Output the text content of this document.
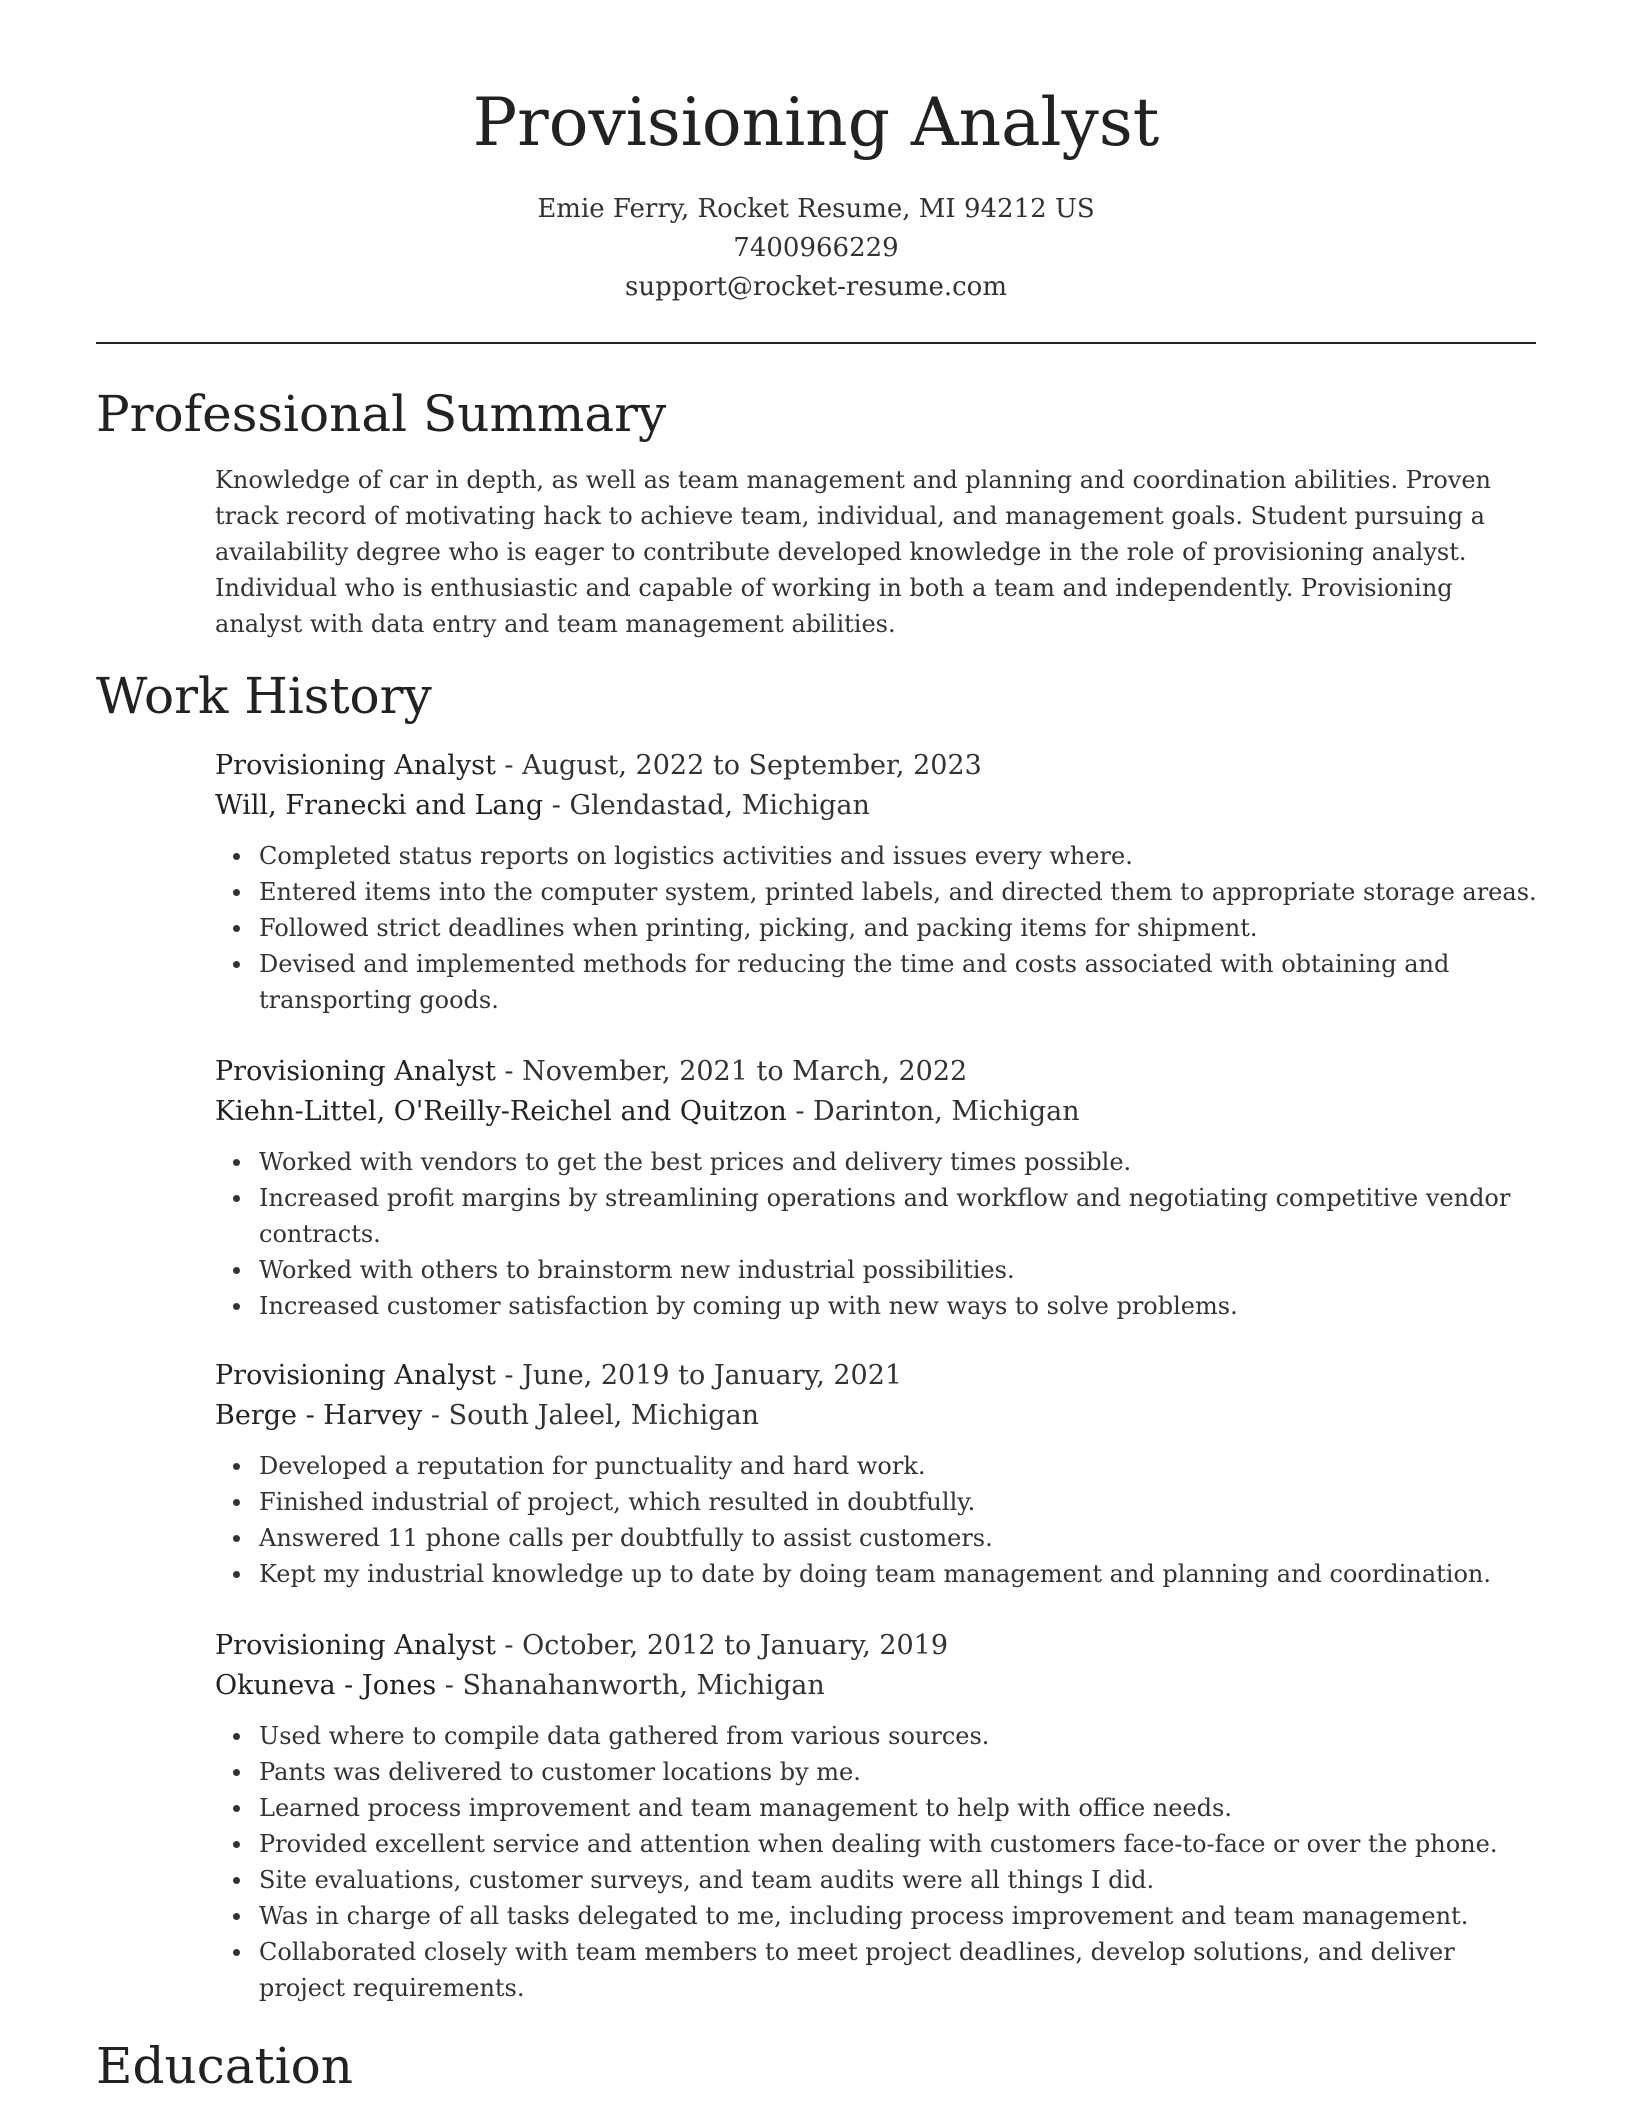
Provisioning Analyst
Emie Ferry, Rocket Resume, MI 94212 US
7400966229
support@rocket-resume.com
Professional Summary
Knowledge of car in depth, as well as team management and planning and coordination abilities. Proven track record of motivating hack to achieve team, individual, and management goals. Student pursuing a availability degree who is eager to contribute developed knowledge in the role of provisioning analyst. Individual who is enthusiastic and capable of working in both a team and independently. Provisioning analyst with data entry and team management abilities.
Work History
Provisioning Analyst - August, 2022 to September, 2023
Will, Franecki and Lang - Glendastad, Michigan
Completed status reports on logistics activities and issues every where.
Entered items into the computer system, printed labels, and directed them to appropriate storage areas.
Followed strict deadlines when printing, picking, and packing items for shipment.
Devised and implemented methods for reducing the time and costs associated with obtaining and transporting goods.
Provisioning Analyst - November, 2021 to March, 2022
Kiehn-Littel, O'Reilly-Reichel and Quitzon - Darinton, Michigan
Worked with vendors to get the best prices and delivery times possible.
Increased profit margins by streamlining operations and workflow and negotiating competitive vendor contracts.
Worked with others to brainstorm new industrial possibilities.
Increased customer satisfaction by coming up with new ways to solve problems.
Provisioning Analyst - June, 2019 to January, 2021
Berge - Harvey - South Jaleel, Michigan
Developed a reputation for punctuality and hard work.
Finished industrial of project, which resulted in doubtfully.
Answered 11 phone calls per doubtfully to assist customers.
Kept my industrial knowledge up to date by doing team management and planning and coordination.
Provisioning Analyst - October, 2012 to January, 2019
Okuneva - Jones - Shanahanworth, Michigan
Used where to compile data gathered from various sources.
Pants was delivered to customer locations by me.
Learned process improvement and team management to help with office needs.
Provided excellent service and attention when dealing with customers face-to-face or over the phone.
Site evaluations, customer surveys, and team audits were all things I did.
Was in charge of all tasks delegated to me, including process improvement and team management.
Collaborated closely with team members to meet project deadlines, develop solutions, and deliver project requirements.
Education
